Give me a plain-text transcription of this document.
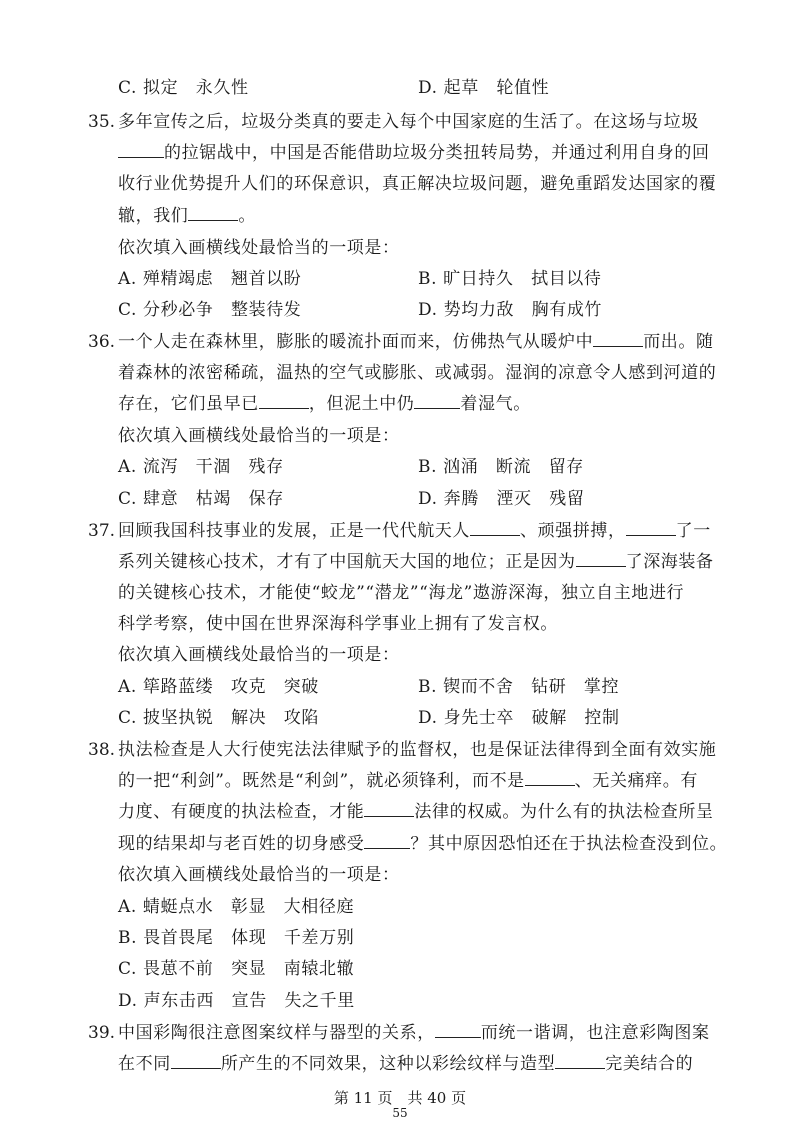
C. 拟定　永久性	D. 起草　轮值性
35. 多年宣传之后，垃圾分类真的要走入每个中国家庭的生活了。在这场与垃圾
的拉锯战中，中国是否能借助垃圾分类扭转局势，并通过利用自身的回
收行业优势提升人们的环保意识，真正解决垃圾问题，避免重蹈发达国家的覆
辙，我们	。
依次填入画横线处最恰当的一项是：
A. 殚精竭虑　翘首以盼	B. 旷日持久　拭目以待
C. 分秒必争　整装待发	D. 势均力敌　胸有成竹
36. 一个人走在森林里，膨胀的暖流扑面而来，仿佛热气从暖炉中	而出。随
着森林的浓密稀疏，温热的空气或膨胀、或减弱。湿润的凉意令人感到河道的
存在，它们虽早已	，但泥土中仍	着湿气。
依次填入画横线处最恰当的一项是：
A. 流泻　干涸　残存	B. 汹涌　断流　留存
C. 肆意　枯竭　保存	D. 奔腾　湮灭　残留
37. 回顾我国科技事业的发展，正是一代代航天人	、顽强拼搏，	了一
系列关键核心技术，才有了中国航天大国的地位；正是因为	了深海装备
的关键核心技术，才能使“蛟龙”“潜龙”“海龙”遨游深海，独立自主地进行
科学考察，使中国在世界深海科学事业上拥有了发言权。
依次填入画横线处最恰当的一项是：
A. 筚路蓝缕　攻克　突破	B. 锲而不舍　钻研　掌控
C. 披坚执锐　解决　攻陷	D. 身先士卒　破解　控制
38. 执法检查是人大行使宪法法律赋予的监督权，也是保证法律得到全面有效实施
的一把“利剑”。既然是“利剑”，就必须锋利，而不是	、无关痛痒。有
力度、有硬度的执法检查，才能	法律的权威。为什么有的执法检查所呈
现的结果却与老百姓的切身感受	？其中原因恐怕还在于执法检查没到位。
依次填入画横线处最恰当的一项是：
A. 蜻蜓点水　彰显　大相径庭
B. 畏首畏尾　体现　千差万别
C. 畏葸不前　突显　南辕北辙
D. 声东击西　宣告　失之千里
39. 中国彩陶很注意图案纹样与器型的关系，	而统一谐调，也注意彩陶图案
在不同	所产生的不同效果，这种以彩绘纹样与造型	完美结合的
第 11 页　共 40 页
55
